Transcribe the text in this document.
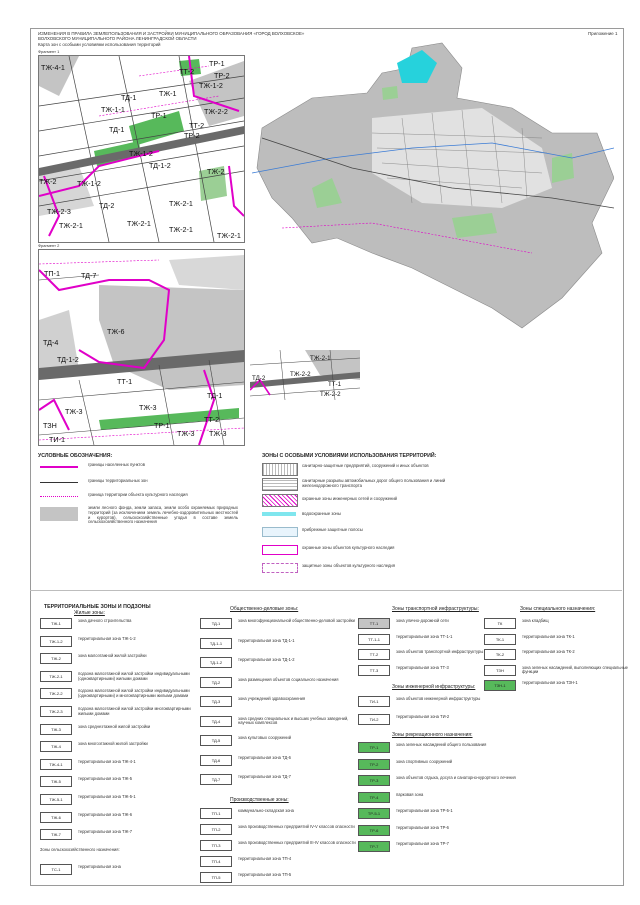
ИЗМЕНЕНИЯ В ПРАВИЛА ЗЕМЛЕПОЛЬЗОВАНИЯ И ЗАСТРОЙКИ МУНИЦИПАЛЬНОГО ОБРАЗОВАНИЯ «ГОРОД ВОЛХОВСКОЕ»
ВОЛХОВСКОГО МУНИЦИПАЛЬНОГО РАЙОНА ЛЕНИНГРАДСКОЙ ОБЛАСТИ
Карта зон с особыми условиями использования территорий
Приложение 1
Фрагмент 1
ТЖ-4-1	ТТ-2
ТР-1
ТР-2
ТЖ-1-2
ТЖ-1
ТЖ-2-2
ТД-1
ТЖ-1-1
ТТ-2
ТР-1
ТР-2
ТД-1
ТЖ-1-2
ТД-1-2
ТЖ-2	ТЖ-1-2
ТЖ-2
ТЖ-2-1
ТД-2
ТЖ-2-3
ТЖ-2-1	ТЖ-2-1
ТЖ-2-1
ТЖ-2-1
Фрагмент 2
ТП-1	ТД-7
ТЖ-6
ТД-4
ТД-1-2
ТТ-1
ТД-1
ТЖ-3
ТЖ-3
ТЖ-3
ТЗН	ТР-1
ТТ-2
ТЖ-3
ТИ-1
ТЖ-2-1
ТД-2
ТЖ-2-2
ТТ-1
ТЖ-2-2
УСЛОВНЫЕ ОБОЗНАЧЕНИЯ:
границы населенных пунктов
границы территориальных зон
граница территории объекта культурного наследия
земли лесного фонда, земли запаса, земли особо охраняемых природных территорий (за исключением земель лечебно-оздоровительных местностей и курортов), сельскохозяйственные угодья в составе земель сельскохозяйственного назначения
ЗОНЫ С ОСОБЫМИ УСЛОВИЯМИ ИСПОЛЬЗОВАНИЯ ТЕРРИТОРИЙ:
санитарно-защитные предприятий, сооружений и иных объектов
санитарные разрывы автомобильных дорог общего пользования и линий железнодорожного транспорта
охранные зоны инженерных сетей и сооружений
водоохранные зоны
прибрежные защитные полосы
охранные зоны объектов культурного наследия
защитные зоны объектов культурного наследия
ТЕРРИТОРИАЛЬНЫЕ ЗОНЫ И ПОДЗОНЫ
Жилые зоны:
ТЖ-1
зона дачного строительства
ТЖ-1-2
территориальная зона ТЖ-1-2
ТЖ-2
зона малоэтажной жилой застройки
ТЖ-2-1
подзона малоэтажной жилой застройки индивидуальными (одноквартирными) жилыми домами
ТЖ-2-2
подзона малоэтажной жилой застройки индивидуальными (одноквартирными) и многоквартирными жилыми домами
ТЖ-2-3
подзона малоэтажной жилой застройки многоквартирными жилыми домами
ТЖ-3
зона среднеэтажной жилой застройки
ТЖ-4
зона многоэтажной жилой застройки
ТЖ-4-1
территориальная зона ТЖ-4-1
ТЖ-5
территориальная зона ТЖ-5
ТЖ-5-1
территориальная зона ТЖ-5-1
ТЖ-6
территориальная зона ТЖ-6
ТЖ-7
территориальная зона ТЖ-7
Зоны сельскохозяйственного назначения:
ТС-1
территориальная зона
Общественно-деловые зоны:
Производственные зоны:
ТД-1
зона многофункциональной общественно-деловой застройки
ТД-1-1
территориальная зона ТД-1-1
ТД-1-2
территориальная зона ТД-1-2
ТД-2
зона размещения объектов социального назначения
ТД-3
зона учреждений здравоохранения
ТД-4
зона средних специальных и высших учебных заведений, научных комплексов
ТД-5
зона культовых сооружений
ТД-6
территориальная зона ТД-6
ТД-7
территориальная зона ТД-7
ТП-1
коммунально-складская зона
ТП-2
зона производственных предприятий IV-V классов опасности
ТП-3
зона производственных предприятий III-IV классов опасности
ТП-4
территориальная зона ТП-4
ТП-5
территориальная зона ТП-5
Зоны транспортной инфраструктуры:
Зоны инженерной инфраструктуры:
Зоны рекреационного назначения:
ТТ-1
зона улично-дорожной сети
ТТ-1-1
территориальная зона ТТ-1-1
ТТ-2
зона объектов транспортной инфраструктуры
ТТ-3
территориальная зона ТТ-3
ТИ-1
зона объектов инженерной инфраструктуры
ТИ-2
территориальная зона ТИ-2
ТР-1
зона зеленых насаждений общего пользования
ТР-2
зона спортивных сооружений
ТР-3
зона объектов отдыха, досуга и санаторно-курортного лечения
ТР-4
парковая зона
ТР-5-1
территориальная зона ТР-5-1
ТР-6
территориальная зона ТР-6
ТР-7
территориальная зона ТР-7
Зоны специального назначения:
ТК
зона кладбищ
ТК-1
территориальная зона ТК-1
ТК-2
территориальная зона ТК-2
ТЗН
зона зеленых насаждений, выполняющих специальные функции
ТЗН-1
территориальная зона ТЗН-1
